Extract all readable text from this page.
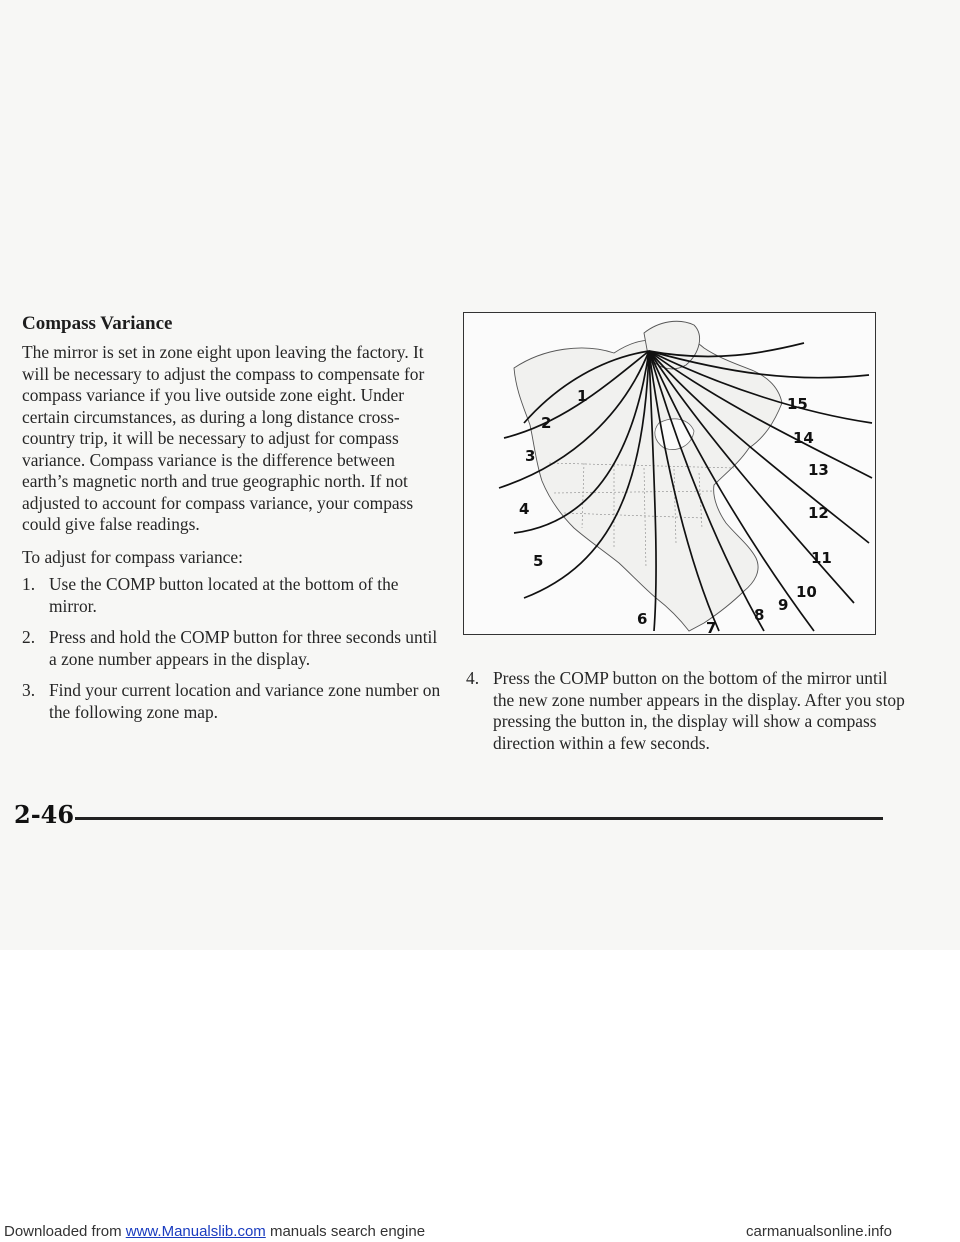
Compass Variance

The mirror is set in zone eight upon leaving the factory. It will be necessary to adjust the compass to compensate for compass variance if you live outside zone eight. Under certain circumstances, as during a long distance cross-country trip, it will be necessary to adjust for compass variance. Compass variance is the difference between earth’s magnetic north and true geographic north. If not adjusted to account for compass variance, your compass could give false readings.

To adjust for compass variance:
1. Use the COMP button located at the bottom of the mirror.
2. Press and hold the COMP button for three seconds until a zone number appears in the display.
3. Find your current location and variance zone number on the following zone map.
1
2
3
4
5
6	7
8
9
10
11
12
13
14
15
4. Press the COMP button on the bottom of the mirror until the new zone number appears in the display. After you stop pressing the button in, the display will show a compass direction within a few seconds.
2-46
Downloaded from www.Manualslib.com manuals search engine	carmanualsonline.info
